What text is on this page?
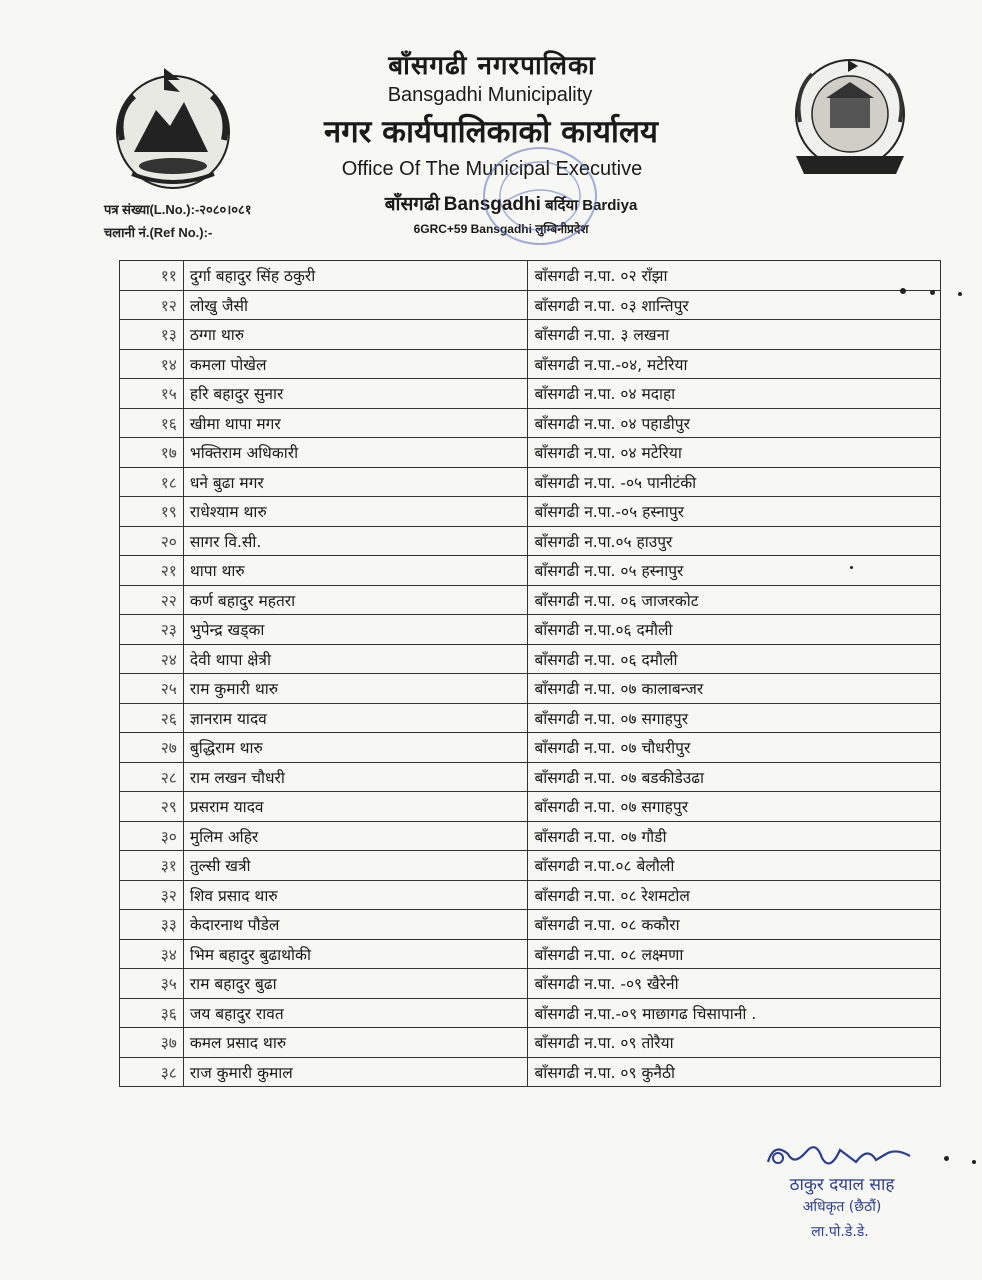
बाँसगढी नगरपालिका
Bansgadhi Municipality
नगर कार्यपालिकाको कार्यालय
Office Of The Municipal Executive
बाँसगढी Bansgadhi बर्दिया Bardiya
6GRC+59 Bansgadhi लुम्बिनीप्रदेश
पत्र संख्या(L.No.):-२०८०।०८१
चलानी नं.(Ref No.):-
११	दुर्गा बहादुर सिंह ठकुरी	बाँसगढी न.पा. ०२ राँझा
१२	लोखु जैसी	बाँसगढी न.पा. ०३ शान्तिपुर
१३	ठग्गा थारु	बाँसगढी न.पा. ३ लखना
१४	कमला पोखेल	बाँसगढी न.पा.-०४, मटेरिया
१५	हरि बहादुर सुनार	बाँसगढी न.पा. ०४ मदाहा
१६	खीमा थापा मगर	बाँसगढी न.पा. ०४ पहाडीपुर
१७	भक्तिराम अधिकारी	बाँसगढी न.पा. ०४ मटेरिया
१८	धने बुढा मगर	बाँसगढी न.पा. -०५ पानीटंकी
१९	राधेश्याम थारु	बाँसगढी न.पा.-०५ हस्नापुर
२०	सागर वि.सी.	बाँसगढी न.पा.०५ हाउपुर
२१	थापा थारु	बाँसगढी न.पा. ०५ हस्नापुर
२२	कर्ण बहादुर महतरा	बाँसगढी न.पा. ०६ जाजरकोट
२३	भुपेन्द्र खड्का	बाँसगढी न.पा.०६ दमौली
२४	देवी थापा क्षेत्री	बाँसगढी न.पा. ०६ दमौली
२५	राम कुमारी थारु	बाँसगढी न.पा. ०७ कालाबन्जर
२६	ज्ञानराम यादव	बाँसगढी न.पा. ०७ सगाहपुर
२७	बुद्धिराम थारु	बाँसगढी न.पा. ०७ चौधरीपुर
२८	राम लखन चौधरी	बाँसगढी न.पा. ०७ बडकीडेउढा
२९	प्रसराम यादव	बाँसगढी न.पा. ०७ सगाहपुर
३०	मुलिम अहिर	बाँसगढी न.पा. ०७ गौडी
३१	तुल्सी खत्री	बाँसगढी न.पा.०८ बेलौली
३२	शिव प्रसाद थारु	बाँसगढी न.पा. ०८ रेशमटोल
३३	केदारनाथ पौडेल	बाँसगढी न.पा. ०८ ककौरा
३४	भिम बहादुर बुढाथोकी	बाँसगढी न.पा. ०८ लक्ष्मणा
३५	राम बहादुर बुढा	बाँसगढी न.पा. -०९ खैरेनी
३६	जय बहादुर रावत	बाँसगढी न.पा.-०९ माछागढ चिसापानी .
३७	कमल प्रसाद थारु	बाँसगढी न.पा. ०९ तोरैया
३८	राज कुमारी कुमाल	बाँसगढी न.पा. ०९ कुनैठी
ठाकुर दयाल साह
अधिकृत (छैठौं)
ला.पो.डे.डे.
